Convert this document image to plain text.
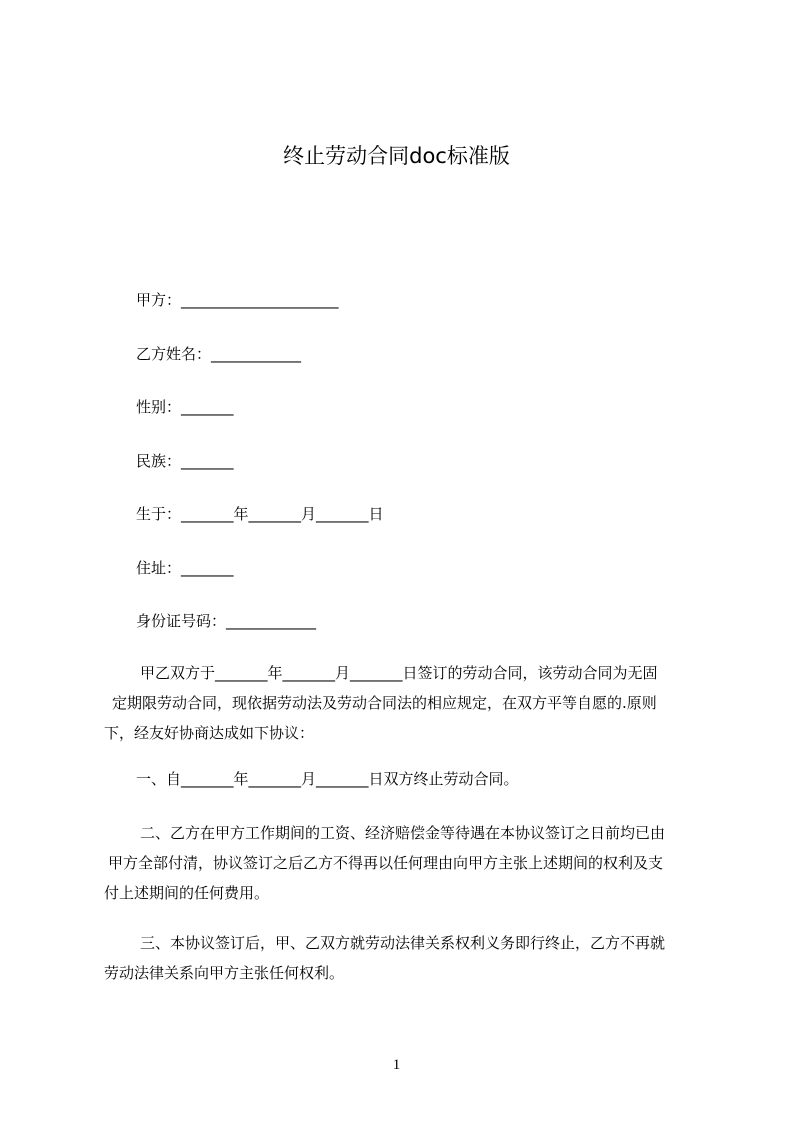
终止劳动合同doc标准版
甲方：_____________________
乙方姓名：____________
性别：_______
民族：_______
生于：_______年_______月_______日
住址：_______
身份证号码：____________
甲乙双方于_______年_______月_______日签订的劳动合同，该劳动合同为无固
定期限劳动合同，现依据劳动法及劳动合同法的相应规定，在双方平等自愿的.原则
下，经友好协商达成如下协议：
一、自_______年_______月_______日双方终止劳动合同。
二、乙方在甲方工作期间的工资、经济赔偿金等待遇在本协议签订之日前均已由
甲方全部付清，协议签订之后乙方不得再以任何理由向甲方主张上述期间的权利及支
付上述期间的任何费用。
三、本协议签订后，甲、乙双方就劳动法律关系权利义务即行终止，乙方不再就
劳动法律关系向甲方主张任何权利。
1
